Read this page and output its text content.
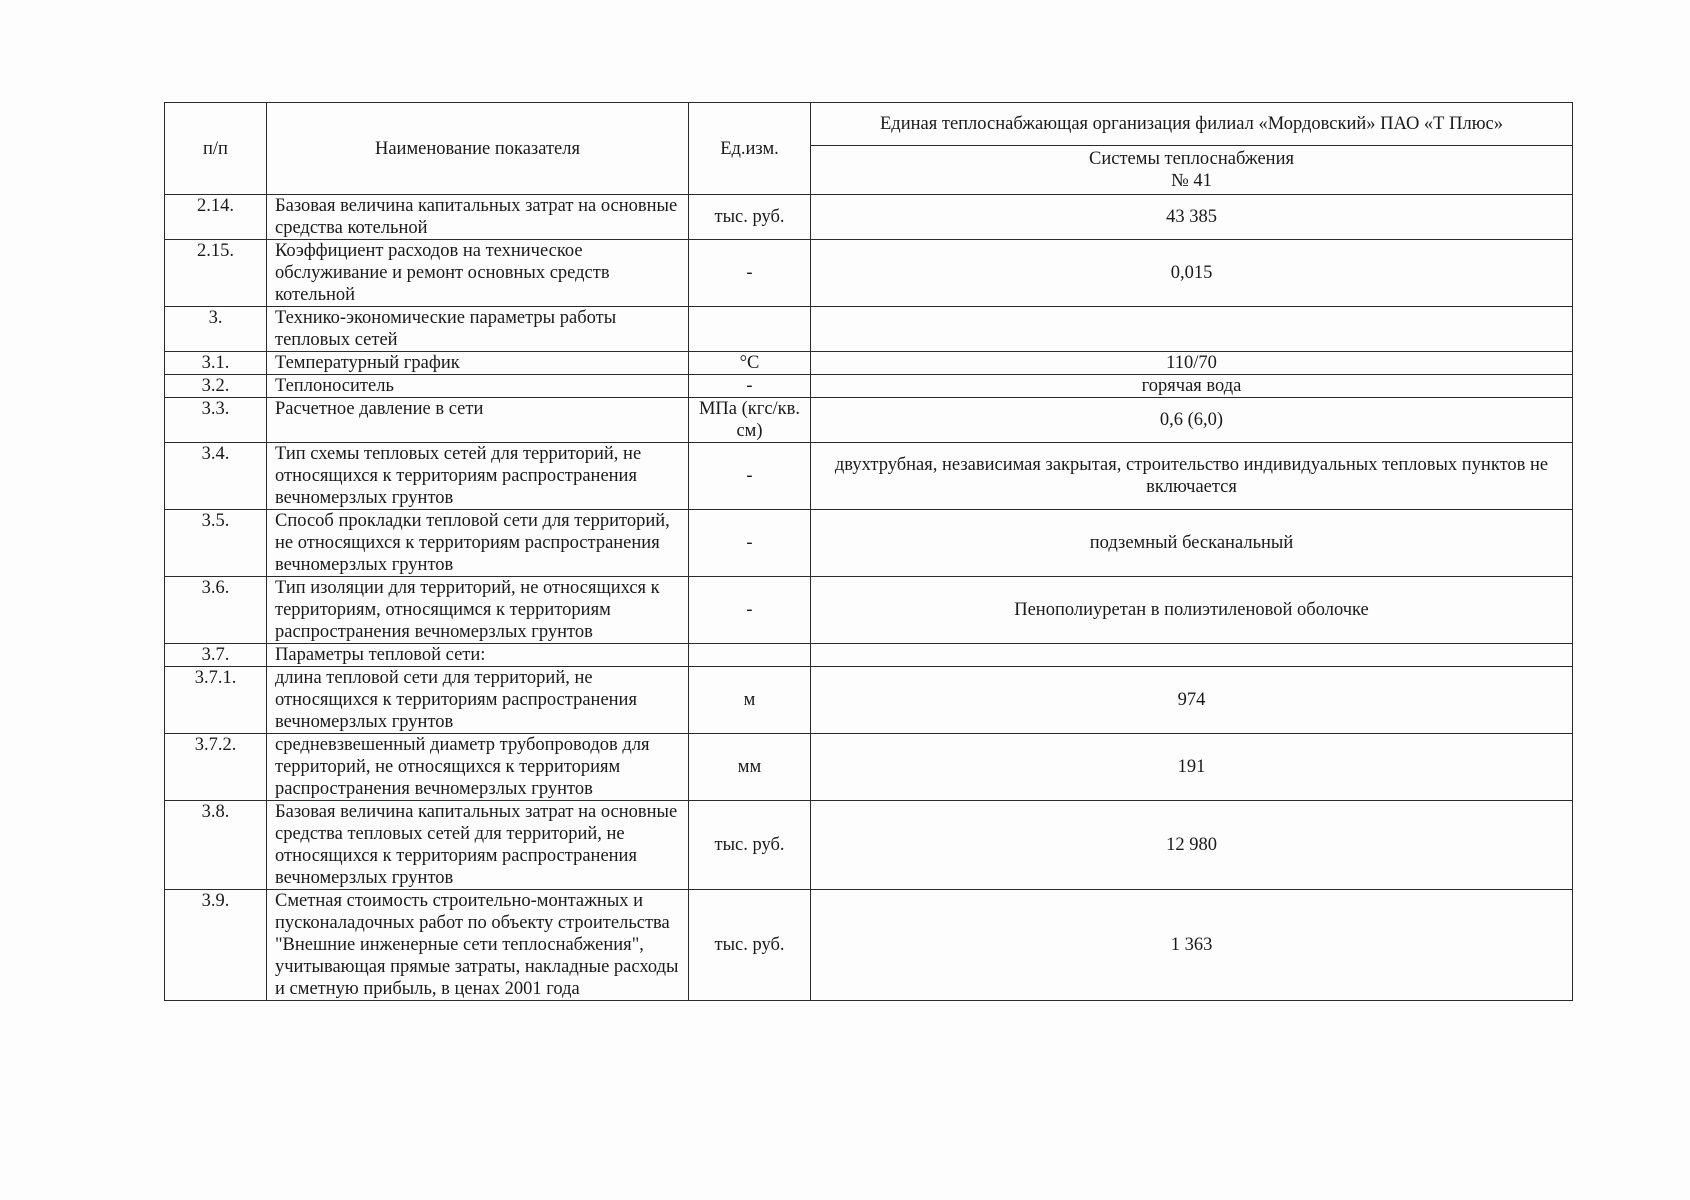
п/п	Наименование показателя	Ед.изм.	Единая теплоснабжающая организация филиал «Мордовский» ПАО «Т Плюс»

			Системы теплоснабжения
№ 41

2.14.	Базовая величина капитальных затрат на основные средства котельной	тыс. руб.	43 385
2.15.	Коэффициент расходов на техническое обслуживание и ремонт основных средств котельной	-	0,015
3.	Технико-экономические параметры работы тепловых сетей		
3.1.	Температурный график	°С	110/70
3.2.	Теплоноситель	-	горячая вода
3.3.	Расчетное давление в сети	МПа (кгс/кв. см)	0,6 (6,0)
3.4.	Тип схемы тепловых сетей для территорий, не относящихся к территориям распространения вечномерзлых грунтов	-	двухтрубная, независимая закрытая, строительство индивидуальных тепловых пунктов не включается
3.5.	Способ прокладки тепловой сети для территорий, не относящихся к территориям распространения вечномерзлых грунтов	-	подземный бесканальный
3.6.	Тип изоляции для территорий, не относящихся к территориям, относящимся к территориям распространения вечномерзлых грунтов	-	Пенополиуретан в полиэтиленовой оболочке
3.7.	Параметры тепловой сети:		
3.7.1.	длина тепловой сети для территорий, не относящихся к территориям распространения вечномерзлых грунтов	м	974
3.7.2.	средневзвешенный диаметр трубопроводов для территорий, не относящихся к территориям распространения вечномерзлых грунтов	мм	191
3.8.	Базовая величина капитальных затрат на основные средства тепловых сетей для территорий, не относящихся к территориям распространения вечномерзлых грунтов	тыс. руб.	12 980
3.9.	Сметная стоимость строительно-монтажных и пусконаладочных работ по объекту строительства "Внешние инженерные сети теплоснабжения", учитывающая прямые затраты, накладные расходы и сметную прибыль, в ценах 2001 года	тыс. руб.	1 363
